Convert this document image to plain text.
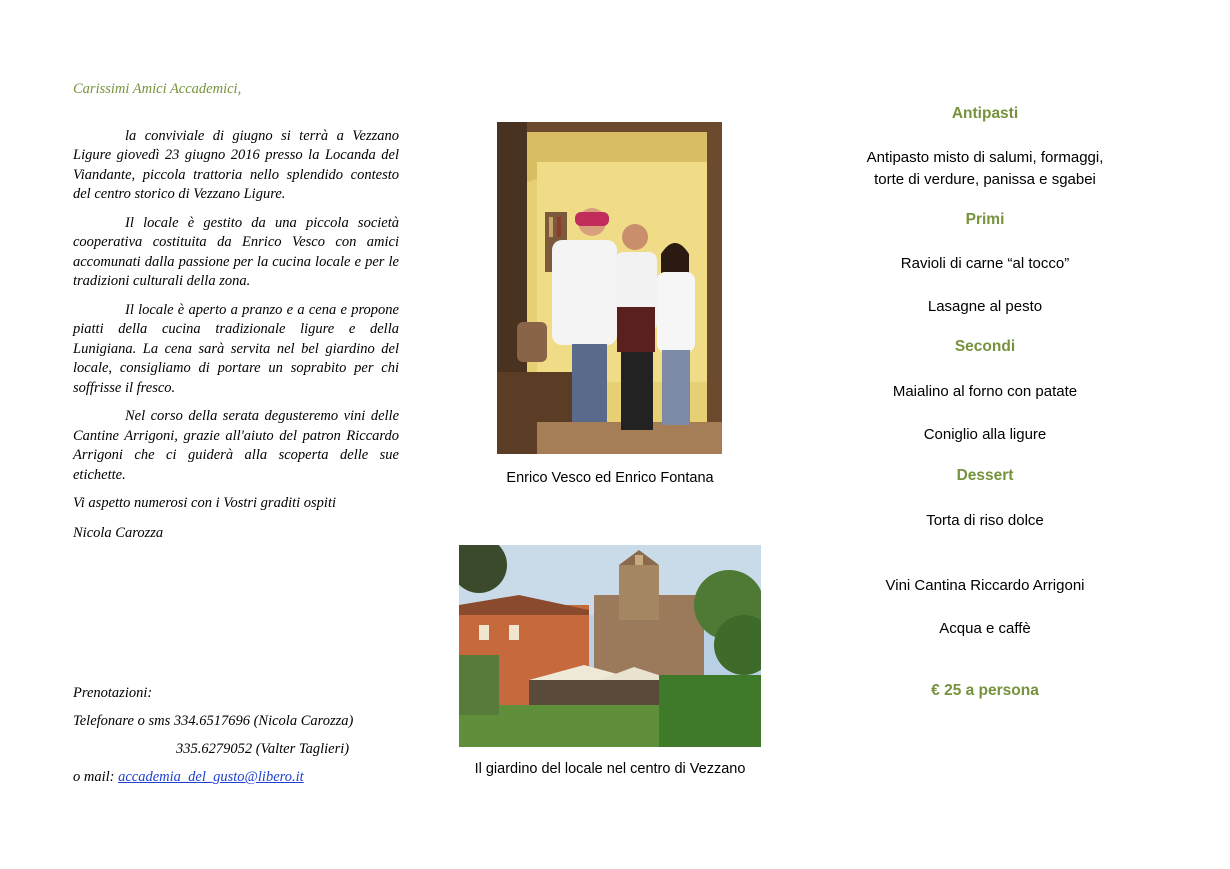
Carissimi Amici Accademici,

la conviviale di giugno si terrà a Vezzano Ligure giovedì 23 giugno 2016 presso la Locanda del Viandante, piccola trattoria nello splendido contesto del centro storico di Vezzano Ligure.

Il locale è gestito da una piccola società cooperativa costituita da Enrico Vesco con amici accomunati dalla passione per la cucina locale e per le tradizioni culturali della zona.

Il locale è aperto a pranzo e a cena e propone piatti della cucina tradizionale ligure e della Lunigiana. La cena sarà servita nel bel giardino del locale, consigliamo di portare un soprabito per chi soffrisse il fresco.

Nel corso della serata degusteremo vini delle Cantine Arrigoni, grazie all'aiuto del patron Riccardo Arrigoni che ci guiderà alla scoperta delle sue etichette.

Vi aspetto numerosi con i Vostri graditi ospiti

Nicola Carozza

Prenotazioni:
Telefonare o sms 334.6517696 (Nicola Carozza)
335.6279052 (Valter Taglieri)
o mail: accademia_del_gusto@libero.it
Enrico Vesco ed Enrico Fontana
Il giardino del locale nel centro di Vezzano
Antipasti
Antipasto misto di salumi, formaggi,
torte di verdure, panissa e sgabei
Primi
Ravioli di carne “al tocco”
Lasagne al pesto
Secondi
Maialino al forno con patate
Coniglio alla ligure
Dessert
Torta di riso dolce
Vini Cantina Riccardo Arrigoni
Acqua e caffè
€ 25 a persona
